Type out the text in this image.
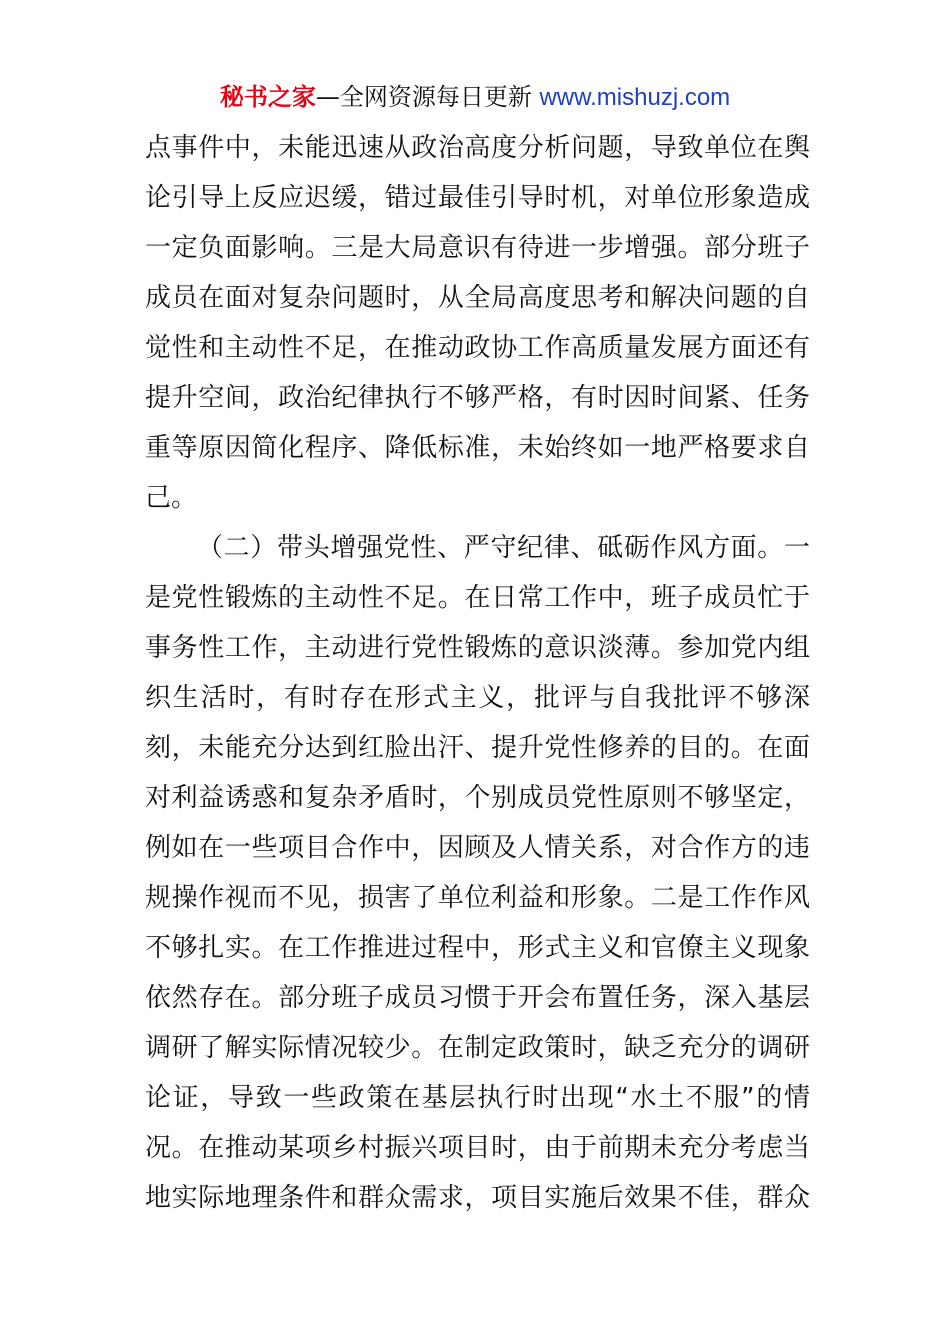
秘书之家—全网资源每日更新 www.mishuzj.com
点事件中，未能迅速从政治高度分析问题，导致单位在舆
论引导上反应迟缓，错过最佳引导时机，对单位形象造成
一定负面影响。三是大局意识有待进一步增强。部分班子
成员在面对复杂问题时，从全局高度思考和解决问题的自
觉性和主动性不足，在推动政协工作高质量发展方面还有
提升空间，政治纪律执行不够严格，有时因时间紧、任务
重等原因简化程序、降低标准，未始终如一地严格要求自
己。
（二）带头增强党性、严守纪律、砥砺作风方面。一
是党性锻炼的主动性不足。在日常工作中，班子成员忙于
事务性工作，主动进行党性锻炼的意识淡薄。参加党内组
织生活时，有时存在形式主义，批评与自我批评不够深
刻，未能充分达到红脸出汗、提升党性修养的目的。在面
对利益诱惑和复杂矛盾时，个别成员党性原则不够坚定，
例如在一些项目合作中，因顾及人情关系，对合作方的违
规操作视而不见，损害了单位利益和形象。二是工作作风
不够扎实。在工作推进过程中，形式主义和官僚主义现象
依然存在。部分班子成员习惯于开会布置任务，深入基层
调研了解实际情况较少。在制定政策时，缺乏充分的调研
论证，导致一些政策在基层执行时出现“水土不服”的情
况。在推动某项乡村振兴项目时，由于前期未充分考虑当
地实际地理条件和群众需求，项目实施后效果不佳，群众
